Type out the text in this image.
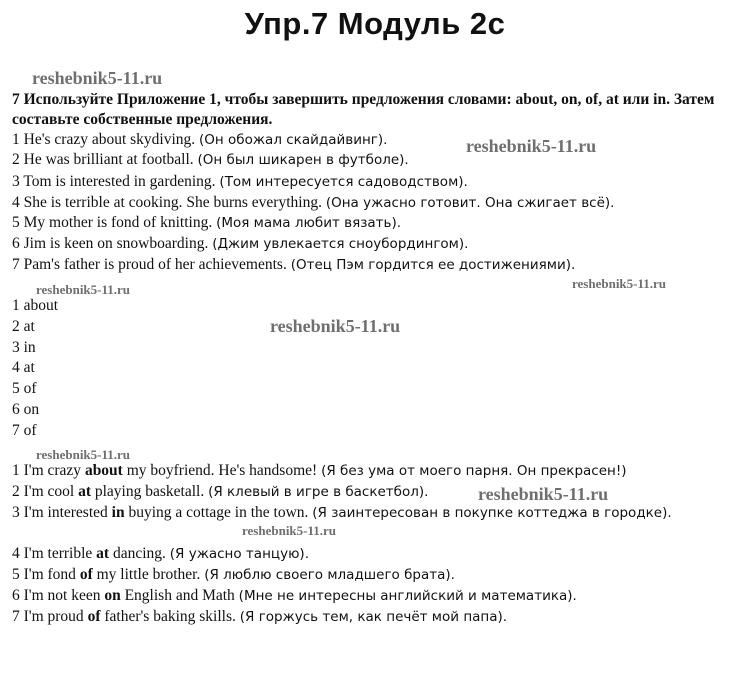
Упр.7 Модуль 2с
reshebnik5-11.ru
reshebnik5-11.ru
reshebnik5-11.ru	reshebnik5-11.ru
reshebnik5-11.ru
reshebnik5-11.ru
reshebnik5-11.ru
reshebnik5-11.ru
7 Используйте Приложение 1, чтобы завершить предложения словами: about, on, of, at или in. Затем составьте собственные предложения.
1 He's crazy about skydiving. (Он обожал скайдайвинг).
2 He was brilliant at football. (Он был шикарен в футболе).
3 Tom is interested in gardening. (Том интересуется садоводством).
4 She is terrible at cooking. She burns everything. (Она ужасно готовит. Она сжигает всё).
5 My mother is fond of knitting. (Моя мама любит вязать).
6 Jim is keen on snowboarding. (Джим увлекается сноубордингом).
7 Pam's father is proud of her achievements. (Отец Пэм гордится ее достижениями).
1 about
2 at
3 in
4 at
5 of
6 on
7 of
1 I'm crazy about my boyfriend. He's handsome! (Я без ума от моего парня. Он прекрасен!)
2 I'm cool at playing basketall. (Я клевый в игре в баскетбол).
3 I'm interested in buying a cottage in the town. (Я заинтересован в покупке коттеджа в городке).
4 I'm terrible at dancing. (Я ужасно танцую).
5 I'm fond of my little brother. (Я люблю своего младшего брата).
6 I'm not keen on English and Math (Мне не интересны английский и математика).
7 I'm proud of father's baking skills. (Я горжусь тем, как печёт мой папа).
